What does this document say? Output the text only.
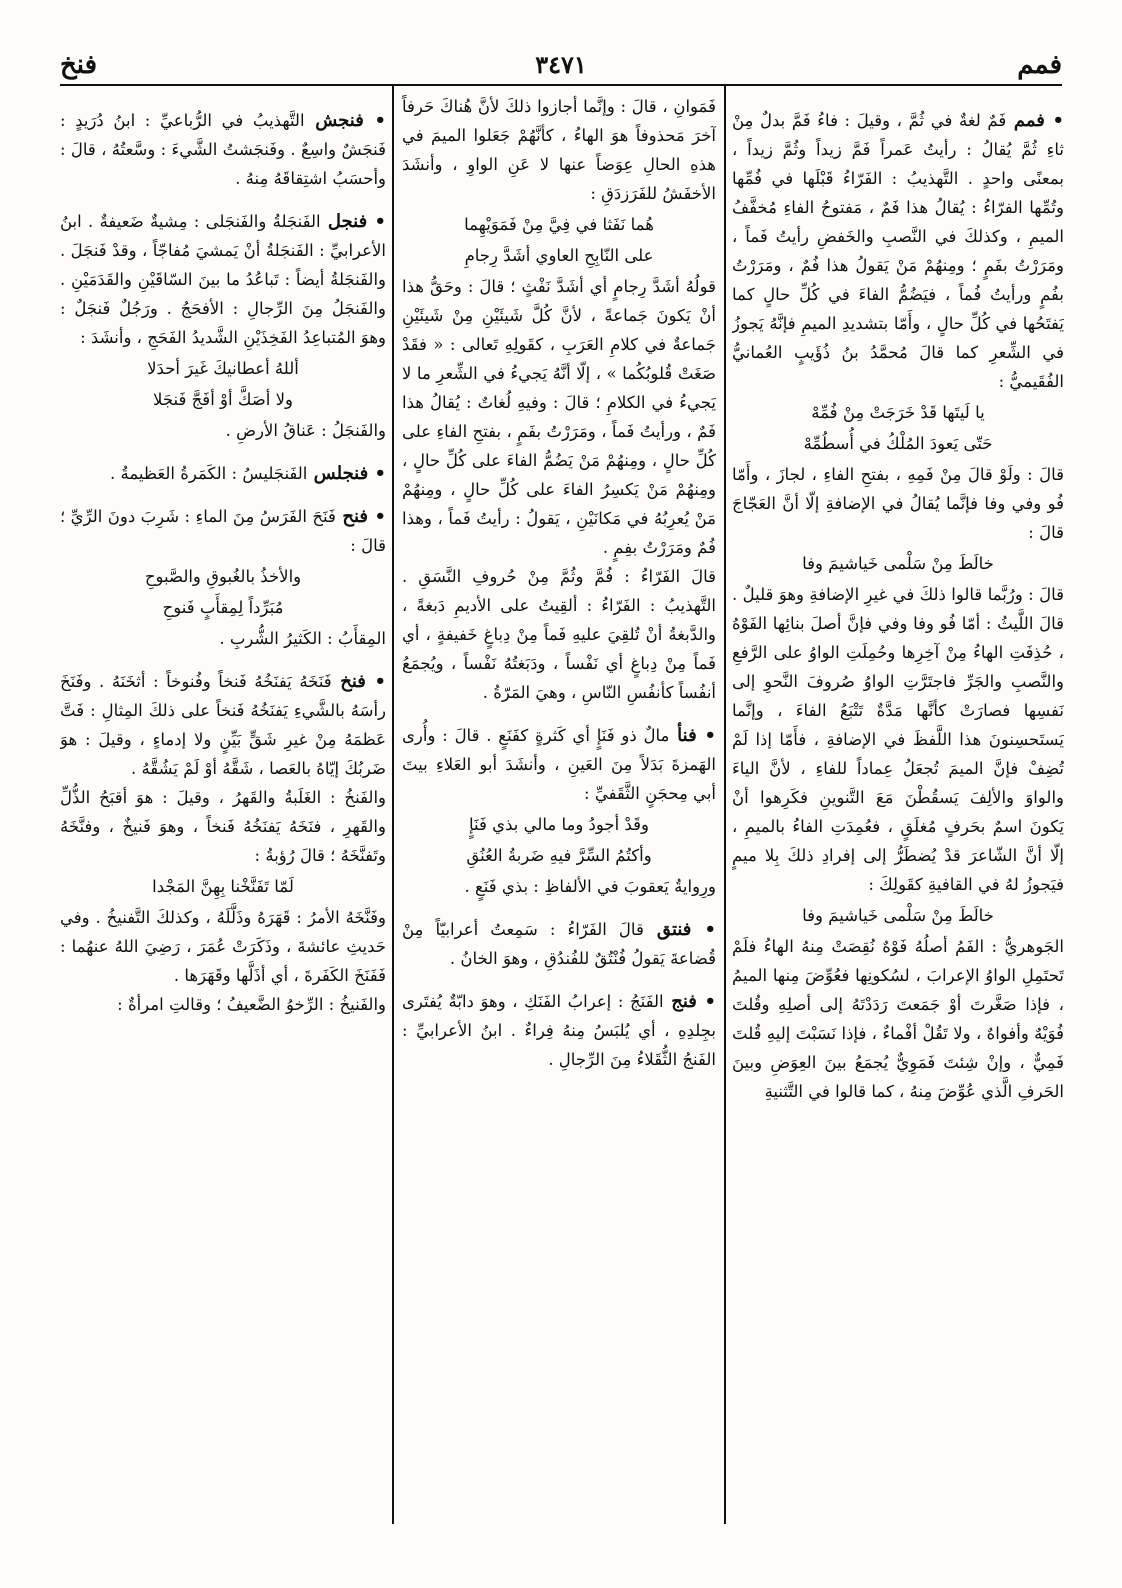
فمم
٣٤٧١
فنخ

• فمم فَمٌ لغةٌ في ثُمَّ ، وقيلَ : فاءُ فَمَّ بدلٌ مِنْ ثاءِ ثُمَّ يُقالُ : رأيتُ عَمراً فَمَّ زيداً وثُمَّ زيداً ، بمعنًى واحدٍ . التَّهذيبُ : الفَرّاءُ قَبْلَها في فُمِّها وتُمِّها الفرّاءُ : يُقالُ هذا فَمٌ ، مَفتوحُ الفاءِ مُخفَّفُ الميمِ ، وكذلكَ في النَّصبِ والخَفضِ رأيتُ فَماً ، ومَرَرْتُ بفَمٍ ؛ ومِنهُمْ مَنْ يَقولُ هذا فُمٌ ، ومَرَرْتُ بفُمٍ ورأيتُ فُماً ، فيَضُمُّ الفاءَ في كُلِّ حالٍ كما يَفتَحُها في كُلِّ حالٍ ، وأَمّا بتشديدِ الميمِ فإنَّهُ يَجوزُ في الشِّعرِ كما قالَ مُحمَّدُ بنُ ذُؤَيبٍ العُمانيُّ الفُقَيميُّ :

يا لَيتَها قَدْ خَرَجَتْ مِنْ فُمِّهْ
حَتّى يَعودَ المُلْكُ في أُسطُمِّهْ

قالَ : ولَوْ قالَ مِنْ فَمِهِ ، بفتحِ الفاءِ ، لجازَ ، وأَمّا فُو وفي وفا فإنَّما يُقالُ في الإضافةِ إلّا أنَّ العَجّاجَ قالَ :

خالَطَ مِنْ سَلْمى خَياشيمَ وفا

قالَ : ورُبَّما قالوا ذلكَ في غيرِ الإضافةِ وهوَ قليلٌ . قالَ اللَّيثُ : أمّا فُو وفا وفي فإنَّ أصلَ بنائِها الفَوْهُ ، حُذِفَتِ الهاءُ مِنْ آخِرِها وحُمِلَتِ الواوُ على الرَّفعِ والنَّصبِ والجَرِّ فاجتَرَّتِ الواوُ صُروفَ النَّحوِ إلى نَفسِها فصارَتْ كأنَّها مَدَّةٌ تَتْبَعُ الفاءَ ، وإنَّما يَستَحسِنونَ هذا اللَّفظَ في الإضافةِ ، فأَمّا إذا لَمْ تُضِفْ فإنَّ الميمَ تُجعَلُ عِماداً للفاءِ ، لأنَّ الياءَ والواوَ والألِفَ يَسقُطْنَ مَعَ التَّنوينِ فكَرِهوا أنْ يَكونَ اسمٌ بحَرفٍ مُغلَقٍ ، فعُمِدَتِ الفاءُ بالميمِ ، إلّا أنَّ الشّاعرَ قدْ يُضطَرُّ إلى إفرادِ ذلكَ بِلا ميمٍ فيَجوزُ لهُ في القافيةِ كقَولِكَ :

خالَطَ مِنْ سَلْمى خَياشيمَ وفا

الجَوهريُّ : الفَمُ أصلُهُ فَوْهٌ نُقِصَتْ مِنهُ الهاءُ فلَمْ تَحتَمِلِ الواوُ الإعرابَ ، لسُكونِها فعُوِّضَ مِنها الميمُ ، فإذا صَغَّرتَ أوْ جَمَعتَ رَدَدْتَهُ إلى أصلِهِ وقُلتَ فُوَيْهٌ وأفواهٌ ، ولا تَقُلْ أفْماءٌ ، فإذا نَسَبْتَ إليهِ قُلتَ فَمِيٌّ ، وإنْ شِئتَ فَمَوِيٌّ يُجمَعُ بينَ العِوَضِ وبينَ الحَرفِ الَّذي عُوِّضَ مِنهُ ، كما قالوا في التَّثنيةِ

فَمَوانِ ، قالَ : وإنَّما أجازوا ذلكَ لأنَّ هُناكَ حَرفاً آخرَ مَحذوفاً هوَ الهاءُ ، كأنَّهُمْ جَعَلوا الميمَ في هذهِ الحالِ عِوَضاً عنها لا عَنِ الواوِ ، وأنشَدَ الأخفَشُ للفَرَزدَقِ :

هُما نَفَثا في فِيَّ مِنْ فَمَوَيْهِما
على النّابِحِ العاوي أشَدَّ رِجامِ

قولُهُ أشَدَّ رِجامٍ أي أشَدَّ نَفْثٍ ؛ قالَ : وحَقُّ هذا أنْ يَكونَ جَماعةً ، لأنَّ كُلَّ شَيئَيْنِ مِنْ شَيئَيْنِ جَماعةٌ في كلامِ العَرَبِ ، كقَولِهِ تَعالى : « فقَدْ صَغَتْ قُلوبُكُما » ، إلّا أنَّهُ يَجيءُ في الشِّعرِ ما لا يَجيءُ في الكلامِ ؛ قالَ : وفيهِ لُغاتٌ : يُقالُ هذا فَمٌ ، ورأيتُ فَماً ، ومَرَرْتُ بفَمٍ ، بفتحِ الفاءِ على كُلِّ حالٍ ، ومِنهُمْ مَنْ يَضُمُّ الفاءَ على كُلِّ حالٍ ، ومِنهُمْ مَنْ يَكسِرُ الفاءَ على كُلِّ حالٍ ، ومِنهُمْ مَنْ يُعرِبُهُ في مَكانَيْنِ ، يَقولُ : رأيتُ فَماً ، وهذا فُمٌ ومَرَرْتُ بفِمٍ .

قالَ الفَرّاءُ : فُمَّ وثُمَّ مِنْ حُروفِ النَّسَقِ . التَّهذيبُ : الفَرّاءُ : ألقِيتُ على الأديمِ دَبغةً ، والدَّبغةُ أنْ تُلقِيَ عليهِ فَماً مِنْ دِباغٍ خَفيفةٍ ، أي فَماً مِنْ دِباغٍ أي نَفْساً ، ودَبَغتُهُ نَفْساً ، ويُجمَعُ أنفُساً كأنفُسِ النّاسِ ، وهيَ المَرّةُ .

• فنأ مالٌ ذو فَنَإٍ أي كَثرةٍ كفَنَعٍ . قالَ : وأُرى الهَمزةَ بَدَلاً مِنَ العَينِ ، وأنشَدَ أبو العَلاءِ بيتَ أبي مِحجَنٍ الثَّقَفيِّ :

وقَدْ أجودُ وما مالي بذي فَنَإٍ
وأكتُمُ السِّرَّ فيهِ ضَربةُ العُنُقِ

ورِوايةُ يَعقوبَ في الألفاظِ : بذي فَنَعٍ .

• فنتق قالَ الفَرّاءُ : سَمِعتُ أعرابيّاً مِنْ قُضاعةَ يَقولُ فُنْتُقٌ للفُندُقِ ، وهوَ الخانُ .

• فنج الفَنَجُ : إعرابُ الفَنَكِ ، وهوَ دابّةٌ يُفتَرى بجِلدِهِ ، أي يُلبَسُ مِنهُ فِراءٌ . ابنُ الأعرابيِّ : الفَنجُ الثُّقَلاءُ مِنَ الرِّجالِ .

• فنجش التَّهذيبُ في الرُّباعيِّ : ابنُ دُرَيدٍ : فَنجَشٌ واسِعٌ . وفَنجَشتُ الشَّيءَ : وسَّعتُهُ ، قالَ : وأحسَبُ اشتِقاقَهُ مِنهُ .

• فنجل الفَنجَلةُ والفَنجَلى : مِشيةٌ ضَعيفةٌ . ابنُ الأعرابيِّ : الفَنجَلةُ أنْ يَمشيَ مُفاجّاً ، وقدْ فَنجَلَ . والفَنجَلةُ أيضاً : تَباعُدُ ما بينَ السّاقَيْنِ والقَدَمَيْنِ . والفَنجَلُ مِنَ الرِّجالِ : الأفحَجُ . ورَجُلٌ فَنجَلٌ : وهوَ المُتباعِدُ الفَخِذَيْنِ الشَّديدُ الفَحَجِ ، وأنشَدَ :

أللهُ أعطانيكَ غَيرَ أحدَلا
ولا أصَكَّ أوْ أفَجَّ فَنجَلا

والفَنجَلُ : عَناقُ الأرضِ .

• فنجلس الفَنجَليسُ : الكَمَرةُ العَظيمةُ .

• فنح فَنَحَ الفَرَسُ مِنَ الماءِ : شَرِبَ دونَ الرِّيِّ ؛ قالَ :

والأخذُ بالغُبوقِ والصَّبوحِ
مُبَرِّداً لِمِقأَبٍ فَنوحِ

المِقأَبُ : الكَثيرُ الشُّربِ .

• فنخ فَنَخَهُ يَفنَخُهُ فَنخاً وفُنوخاً : أثخَنَهُ . وفَنَخَ رأسَهُ بالشَّيءِ يَفنَخُهُ فَنخاً على ذلكَ المِثالِ : فَتَّ عَظمَهُ مِنْ غيرِ شَقٍّ بَيِّنٍ ولا إدماءٍ ، وقيلَ : هوَ ضَربُكَ إيّاهُ بالعَصا ، شَقَّهُ أوْ لَمْ يَشُقَّهُ .

والفَنخُ : الغَلَبةُ والقَهرُ ، وقيلَ : هوَ أقبَحُ الذُّلِّ والقَهرِ ، فنَخَهُ يَفنَخُهُ فَنخاً ، وهوَ فَنيخٌ ، وفنَّخَهُ وتَفنَّخَهُ ؛ قالَ رُؤبةُ :

لَمّا تَفَنَّخْنا بِهِنَّ المَجْدا

وفَنَّخَهُ الأمرُ : قَهَرَهُ وذَلَّلَهُ ، وكذلكَ التَّفنيخُ . وفي حَديثِ عائشةَ ، وذَكَرَتْ عُمَرَ ، رَضِيَ اللهُ عنهُما : فَفَنَخَ الكَفَرةَ ، أي أذَلَّها وقَهَرَها .

والفَنيخُ : الرِّخوُ الضَّعيفُ ؛ وقالتِ امرأةٌ :
